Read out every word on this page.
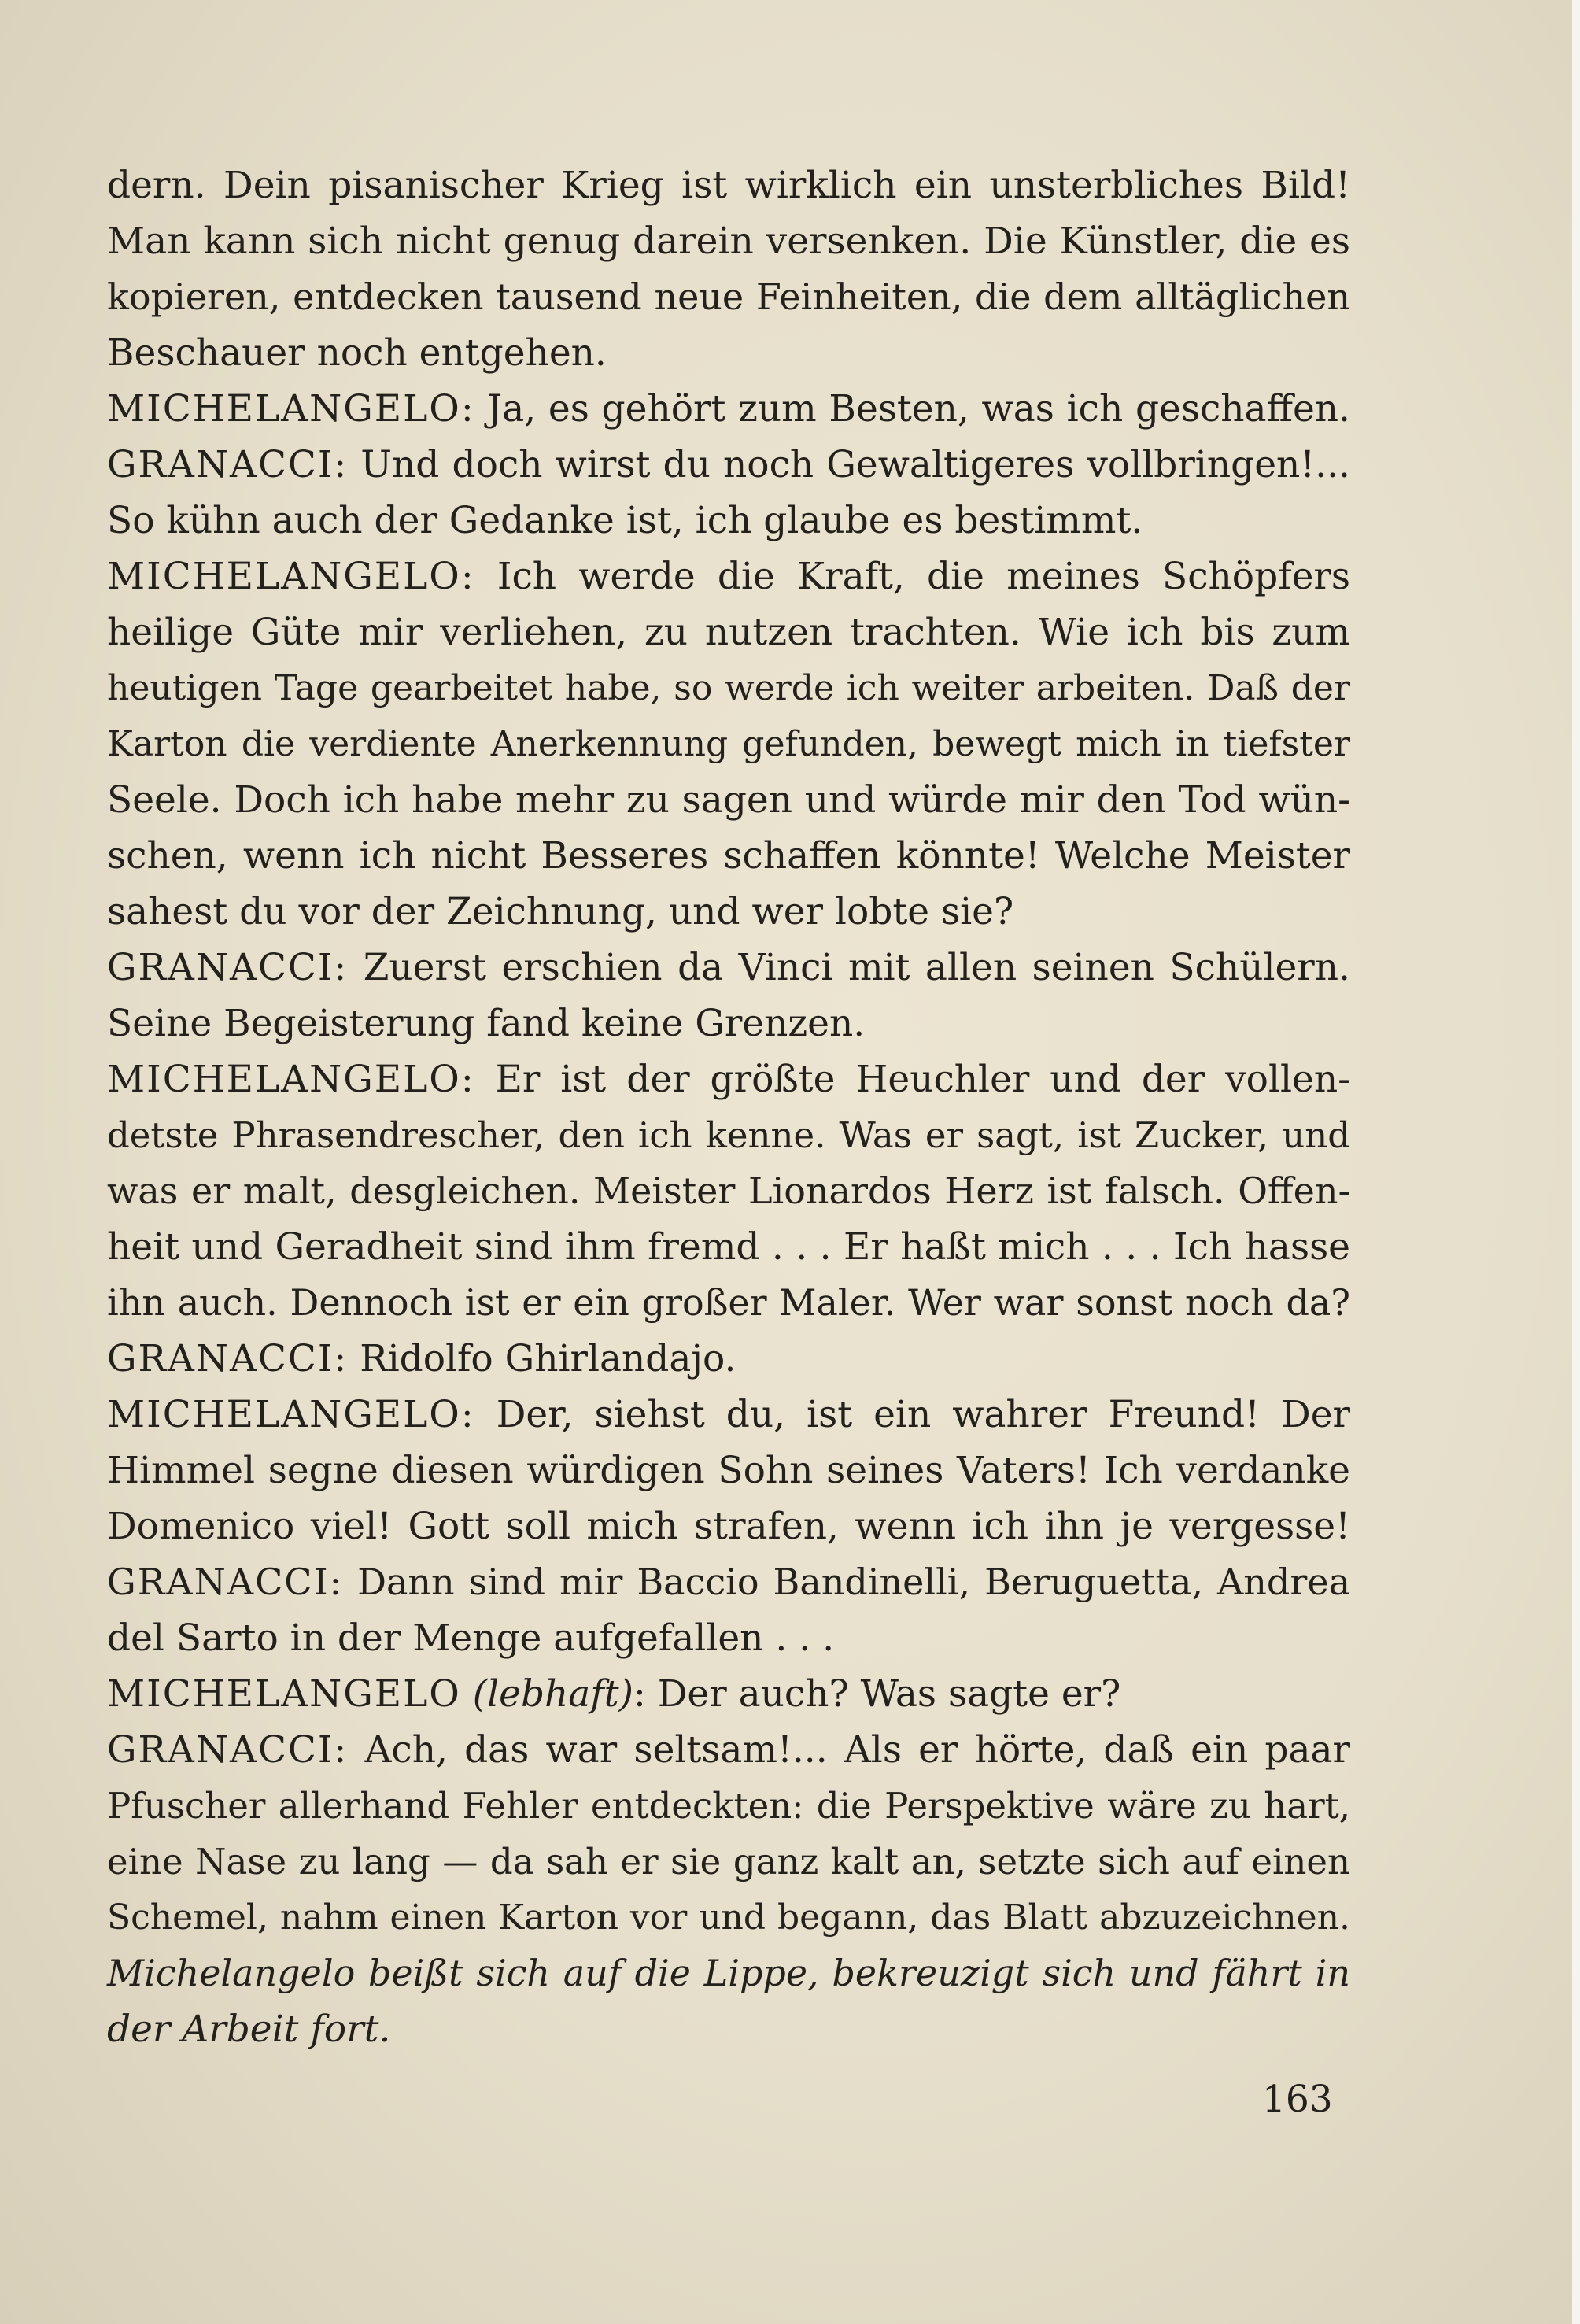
dern. Dein pisanischer Krieg ist wirklich ein unsterbliches Bild!
Man kann sich nicht genug darein versenken. Die Künstler, die es
kopieren, entdecken tausend neue Feinheiten, die dem alltäglichen
Beschauer noch entgehen.
MICHELANGELO: Ja, es gehört zum Besten, was ich geschaffen.
GRANACCI: Und doch wirst du noch Gewaltigeres vollbringen!...
So kühn auch der Gedanke ist, ich glaube es bestimmt.
MICHELANGELO: Ich werde die Kraft, die meines Schöpfers
heilige Güte mir verliehen, zu nutzen trachten. Wie ich bis zum
heutigen Tage gearbeitet habe, so werde ich weiter arbeiten. Daß der
Karton die verdiente Anerkennung gefunden, bewegt mich in tiefster
Seele. Doch ich habe mehr zu sagen und würde mir den Tod wün-
schen, wenn ich nicht Besseres schaffen könnte! Welche Meister
sahest du vor der Zeichnung, und wer lobte sie?
GRANACCI: Zuerst erschien da Vinci mit allen seinen Schülern.
Seine Begeisterung fand keine Grenzen.
MICHELANGELO: Er ist der größte Heuchler und der vollen-
detste Phrasendrescher, den ich kenne. Was er sagt, ist Zucker, und
was er malt, desgleichen. Meister Lionardos Herz ist falsch. Offen-
heit und Geradheit sind ihm fremd . . . Er haßt mich . . . Ich hasse
ihn auch. Dennoch ist er ein großer Maler. Wer war sonst noch da?
GRANACCI: Ridolfo Ghirlandajo.
MICHELANGELO: Der, siehst du, ist ein wahrer Freund! Der
Himmel segne diesen würdigen Sohn seines Vaters! Ich verdanke
Domenico viel! Gott soll mich strafen, wenn ich ihn je vergesse!
GRANACCI: Dann sind mir Baccio Bandinelli, Beruguetta, Andrea
del Sarto in der Menge aufgefallen . . .
MICHELANGELO (lebhaft): Der auch? Was sagte er?
GRANACCI: Ach, das war seltsam!... Als er hörte, daß ein paar
Pfuscher allerhand Fehler entdeckten: die Perspektive wäre zu hart,
eine Nase zu lang — da sah er sie ganz kalt an, setzte sich auf einen
Schemel, nahm einen Karton vor und begann, das Blatt abzuzeichnen.
Michelangelo beißt sich auf die Lippe, bekreuzigt sich und fährt in
der Arbeit fort.
163
